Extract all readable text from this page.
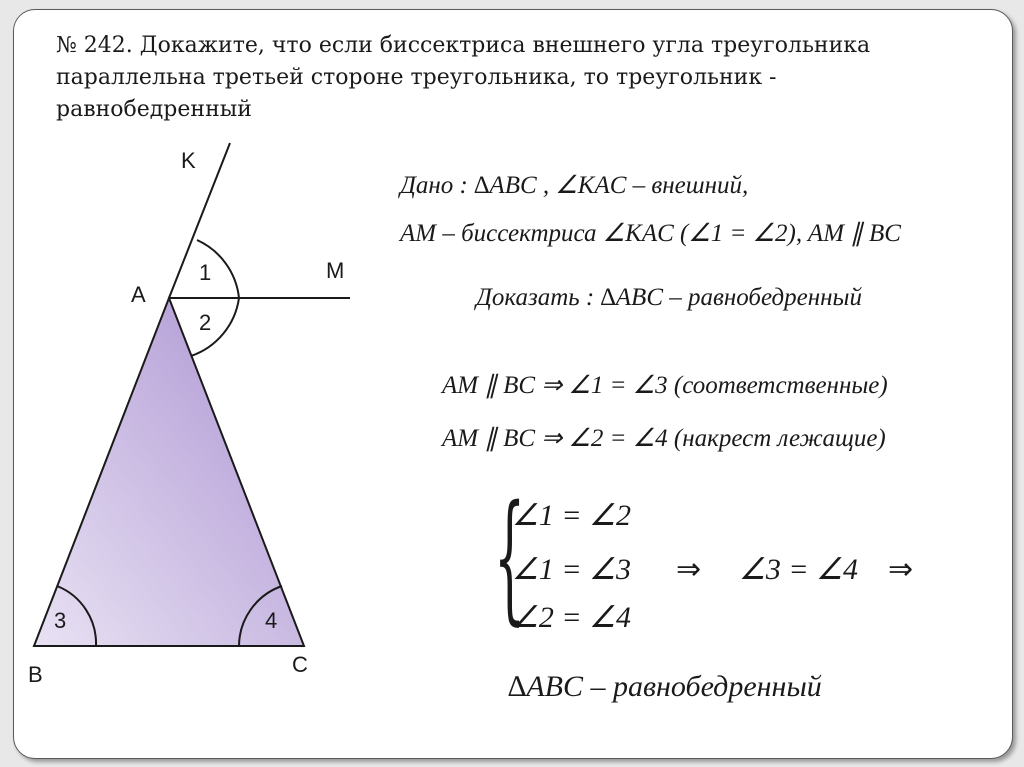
№ 242. Докажите, что если биссектриса внешнего угла треугольника параллельна третьей стороне треугольника, то треугольник - равнобедренный

K
A
M
B	C
1
2
3	4
Дано : ∆ABC , ∠KAC – внешний,
AM – биссектриса ∠KAC (∠1 = ∠2), AM ∥ BC
Доказать : ∆ABC – равнобедренный
AM ∥ BC ⇒ ∠1 = ∠3 (соответственные)
AM ∥ BC ⇒ ∠2 = ∠4 (накрест лежащие)
{
∠1 = ∠2
∠1 = ∠3
∠2 = ∠4
⇒ ∠3 = ∠4 ⇒
∆ABC – равнобедренный
